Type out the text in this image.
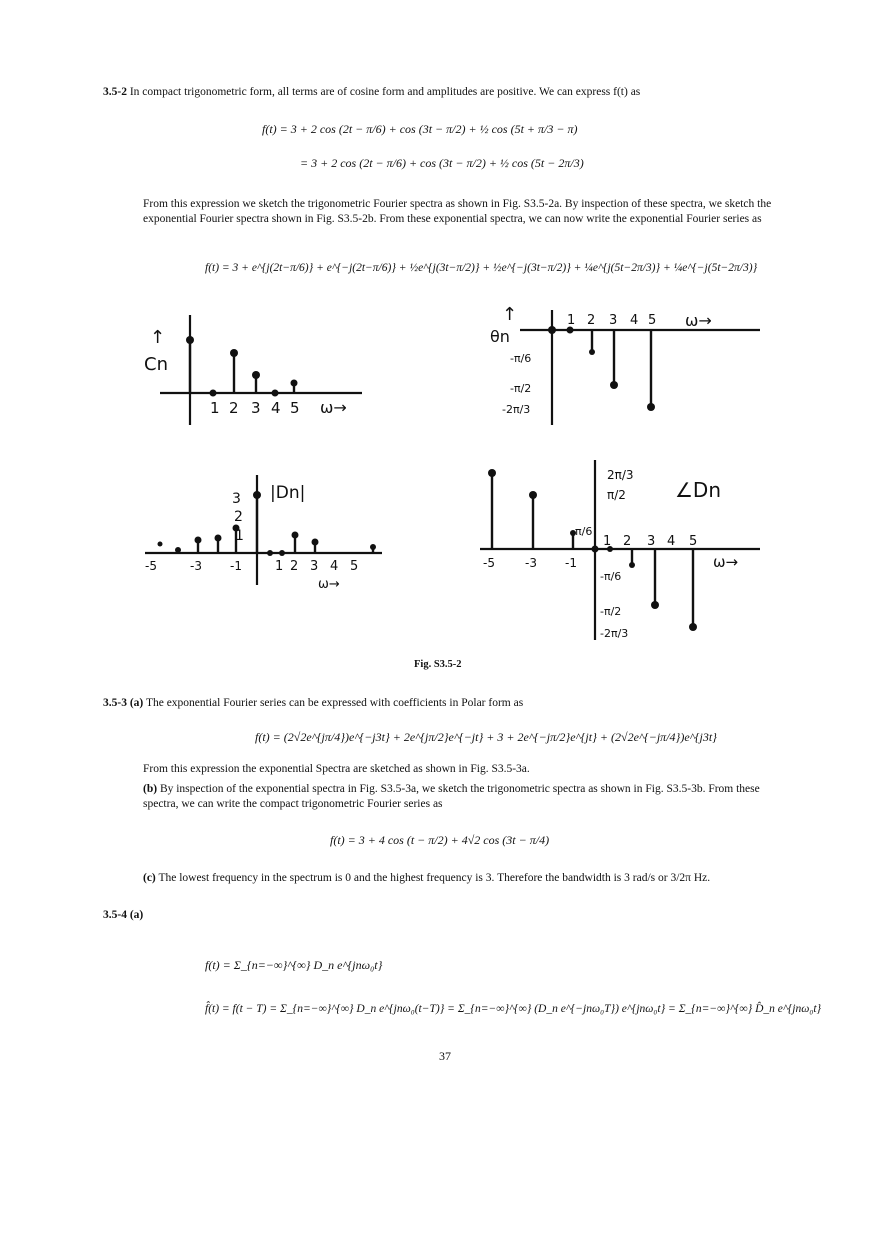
3.5-2 In compact trigonometric form, all terms are of cosine form and amplitudes are positive. We can express f(t) as
f(t) = 3 + 2 cos (2t − π/6) + cos (3t − π/2) + ½ cos (5t + π/3 − π)
= 3 + 2 cos (2t − π/6) + cos (3t − π/2) + ½ cos (5t − 2π/3)
From this expression we sketch the trigonometric Fourier spectra as shown in Fig. S3.5-2a. By inspection of these spectra, we sketch the exponential Fourier spectra shown in Fig. S3.5-2b. From these exponential spectra, we can now write the exponential Fourier series as
f(t) = 3 + e^{j(2t−π/6)} + e^{−j(2t−π/6)} + ½e^{j(3t−π/2)} + ½e^{−j(3t−π/2)} + ¼e^{j(5t−2π/3)} + ¼e^{−j(5t−2π/3)}
↑
Cn
1 2 3 4 5 ω→
↑
θn
1 2 3 4 5 ω→
-π/6
-π/2
-2π/3
3
2
1
|Dn|
-5	-3 -1	1 2 3 4 5
ω→
2π/3
π/2
π/6
-π/6
-π/2
-2π/3
∠Dn
-5	-3 -1
1 2 3 4 5
ω→
Fig. S3.5-2
3.5-3 (a) The exponential Fourier series can be expressed with coefficients in Polar form as
f(t) = (2√2e^{jπ/4})e^{−j3t} + 2e^{jπ/2}e^{−jt} + 3 + 2e^{−jπ/2}e^{jt} + (2√2e^{−jπ/4})e^{j3t}
From this expression the exponential Spectra are sketched as shown in Fig. S3.5-3a.
(b) By inspection of the exponential spectra in Fig. S3.5-3a, we sketch the trigonometric spectra as shown in Fig. S3.5-3b. From these spectra, we can write the compact trigonometric Fourier series as
f(t) = 3 + 4 cos (t − π/2) + 4√2 cos (3t − π/4)
(c) The lowest frequency in the spectrum is 0 and the highest frequency is 3. Therefore the bandwidth is 3 rad/s or 3/2π Hz.
3.5-4 (a)
f(t) = Σ_{n=−∞}^{∞} D_n e^{jnω₀t}
f̂(t) = f(t − T) = Σ_{n=−∞}^{∞} D_n e^{jnω₀(t−T)} = Σ_{n=−∞}^{∞} (D_n e^{−jnω₀T}) e^{jnω₀t} = Σ_{n=−∞}^{∞} D̂_n e^{jnω₀t}
37
